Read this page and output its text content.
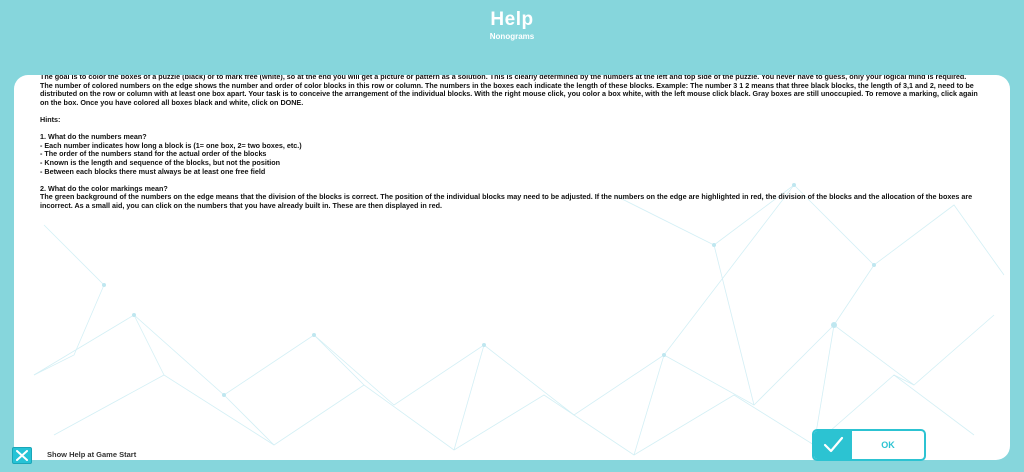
Help
Nonograms

The goal is to color the boxes of a puzzle (black) or to mark free (white), so at the end you will get a picture or pattern as a solution. This is clearly determined by the numbers at the left and top side of the puzzle. You never have to guess, only your logical mind is required.

The number of colored numbers on the edge shows the number and order of color blocks in this row or column. The numbers in the boxes each indicate the length of these blocks. Example: The number 3 1 2 means that three black blocks, the length of 3,1 and 2, need to be distributed on the row or column with at least one box apart. Your task is to conceive the arrangement of the individual blocks. With the right mouse click, you color a box white, with the left mouse click black. Gray boxes are still unoccupied. To remove a marking, click again on the box. Once you have colored all boxes black and white, click on DONE.

Hints:

1. What do the numbers mean?

- Each number indicates how long a block is (1= one box, 2= two boxes, etc.)

- The order of the numbers stand for the actual order of the blocks

- Known is the length and sequence of the blocks, but not the position

- Between each blocks there must always be at least one free field

2. What do the color markings mean?

The green background of the numbers on the edge means that the division of the blocks is correct. The position of the individual blocks may need to be adjusted. If the numbers on the edge are highlighted in red, the division of the blocks and the allocation of the boxes are incorrect. As a small aid, you can click on the numbers that you have already built in. These are then displayed in red.

Show Help at Game Start
OK
